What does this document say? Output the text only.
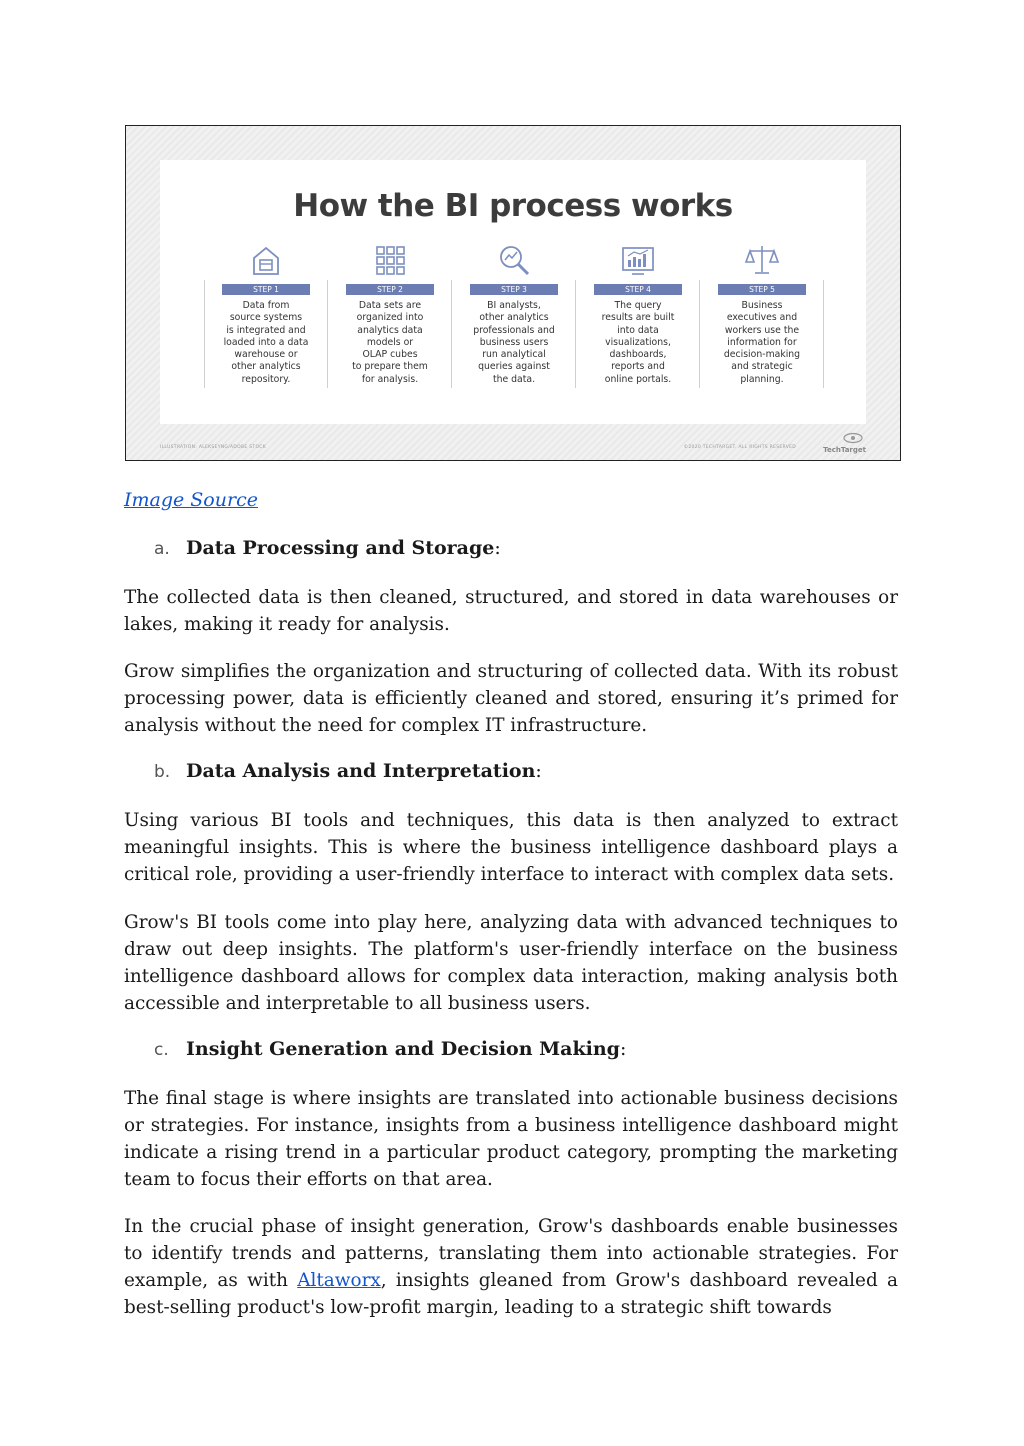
How the BI process works
STEP 1
Data from
source systems
is integrated and
loaded into a data
warehouse or
other analytics
repository.
STEP 2
Data sets are
organized into
analytics data
models or
OLAP cubes
to prepare them
for analysis.
STEP 3
BI analysts,
other analytics
professionals and
business users
run analytical
queries against
the data.
STEP 4
The query
results are built
into data
visualizations,
dashboards,
reports and
online portals.
STEP 5
Business
executives and
workers use the
information for
decision-making
and strategic
planning.
ILLUSTRATION: ALEKSEYNG/ADOBE STOCK	©2020 TECHTARGET. ALL RIGHTS RESERVED	TechTarget
Image Source
a. Data Processing and Storage:
The collected data is then cleaned, structured, and stored in data warehouses or lakes, making it ready for analysis.
Grow simplifies the organization and structuring of collected data. With its robust processing power, data is efficiently cleaned and stored, ensuring it’s primed for analysis without the need for complex IT infrastructure.
b. Data Analysis and Interpretation:
Using various BI tools and techniques, this data is then analyzed to extract meaningful insights. This is where the business intelligence dashboard plays a critical role, providing a user-friendly interface to interact with complex data sets.
Grow's BI tools come into play here, analyzing data with advanced techniques to draw out deep insights. The platform's user-friendly interface on the business intelligence dashboard allows for complex data interaction, making analysis both accessible and interpretable to all business users.
c. Insight Generation and Decision Making:
The final stage is where insights are translated into actionable business decisions or strategies. For instance, insights from a business intelligence dashboard might indicate a rising trend in a particular product category, prompting the marketing team to focus their efforts on that area.
In the crucial phase of insight generation, Grow's dashboards enable businesses to identify trends and patterns, translating them into actionable strategies. For example, as with Altaworx, insights gleaned from Grow's dashboard revealed a best-selling product's low-profit margin, leading to a strategic shift towards
